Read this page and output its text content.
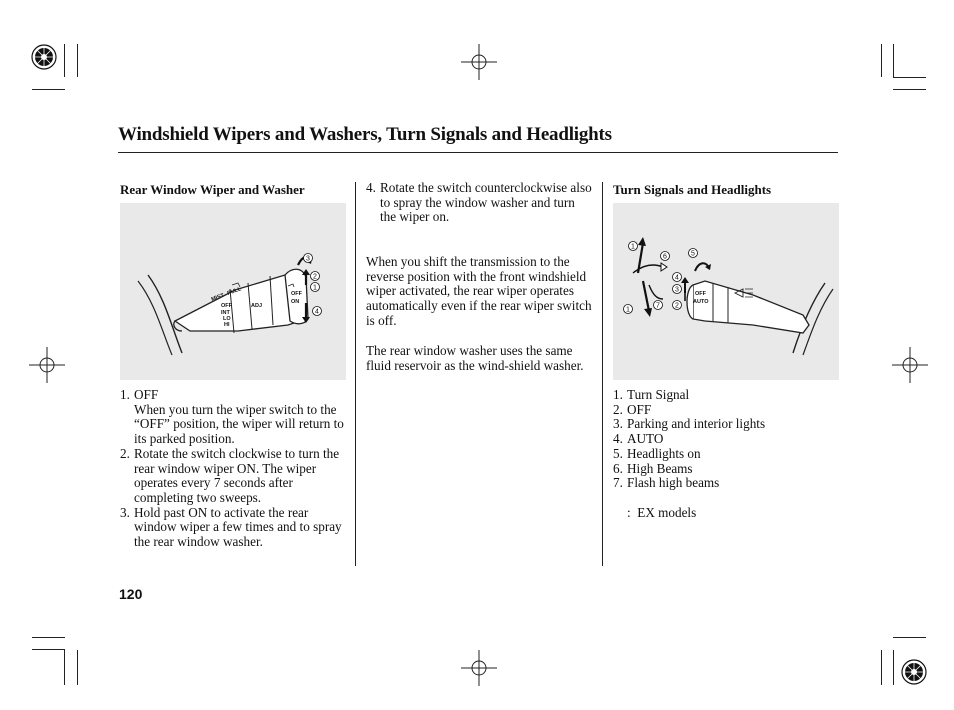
Windshield Wipers and Washers, Turn Signals and Headlights
Rear Window Wiper and Washer
MIST
PULL
OFF
INT
LO
HI
ADJ
OFF
ON
3
2
1
4
1. OFF
When you turn the wiper switch to the “OFF” position, the wiper will return to its parked position.
2. Rotate the switch clockwise to turn the rear window wiper ON. The wiper operates every 7 seconds after completing two sweeps.
3. Hold past ON to activate the rear window wiper a few times and to spray the rear window washer.
4. Rotate the switch counterclockwise also to spray the window washer and turn the wiper on.

When you shift the transmission to the reverse position with the front windshield wiper activated, the rear wiper operates automatically even if the rear wiper switch is off.

The rear window washer uses the same fluid reservoir as the wind-shield washer.

Turn Signals and Headlights
OFF
AUTO
1
1
6
7
5
4
3
2
1. Turn Signal
2. OFF
3. Parking and interior lights
4. AUTO
5. Headlights on
6. High Beams
7. Flash high beams
:  EX models
120
